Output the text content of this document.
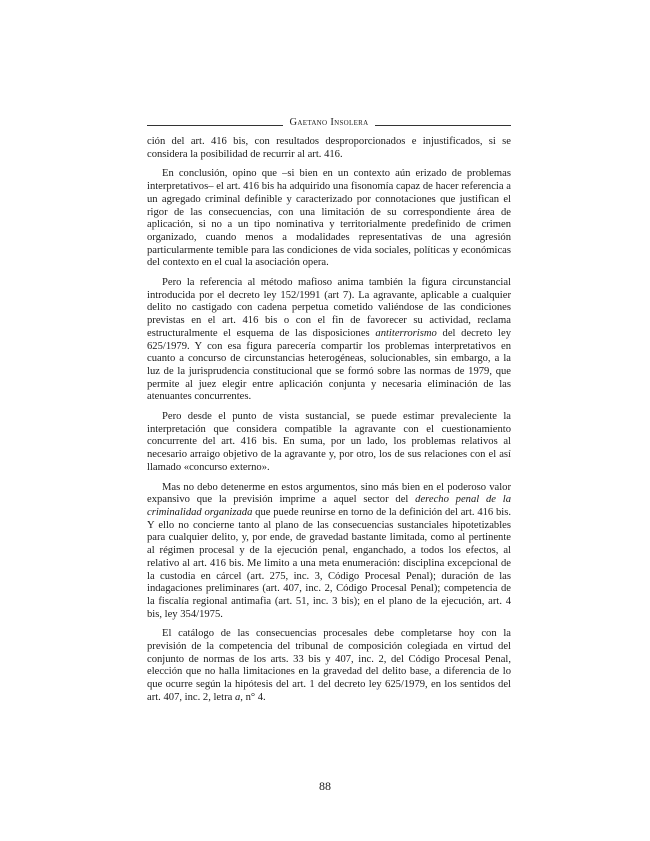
Gaetano Insolera

ción del art. 416 bis, con resultados desproporcionados e injustificados, si se considera la posibilidad de recurrir al art. 416.

En conclusión, opino que –si bien en un contexto aún erizado de problemas interpretativos– el art. 416 bis ha adquirido una fisonomía capaz de hacer referencia a un agregado criminal definible y caracterizado por connotaciones que justifican el rigor de las consecuencias, con una limitación de su correspondiente área de aplicación, si no a un tipo nominativa y territorialmente predefinido de crimen organizado, cuando menos a modalidades representativas de una agresión particularmente temible para las condiciones de vida sociales, políticas y económicas del contexto en el cual la asociación opera.

Pero la referencia al método mafioso anima también la figura circunstancial introducida por el decreto ley 152/1991 (art 7). La agravante, aplicable a cualquier delito no castigado con cadena perpetua cometido valiéndose de las condiciones previstas en el art. 416 bis o con el fin de favorecer su actividad, reclama estructuralmente el esquema de las disposiciones antiterrorismo del decreto ley 625/1979. Y con esa figura parecería compartir los problemas interpretativos en cuanto a concurso de circunstancias heterogéneas, solucionables, sin embargo, a la luz de la jurisprudencia constitucional que se formó sobre las normas de 1979, que permite al juez elegir entre aplicación conjunta y necesaria eliminación de las atenuantes concurrentes.

Pero desde el punto de vista sustancial, se puede estimar prevaleciente la interpretación que considera compatible la agravante con el cuestionamiento concurrente del art. 416 bis. En suma, por un lado, los problemas relativos al necesario arraigo objetivo de la agravante y, por otro, los de sus relaciones con el así llamado «concurso externo».

Mas no debo detenerme en estos argumentos, sino más bien en el poderoso valor expansivo que la previsión imprime a aquel sector del derecho penal de la criminalidad organizada que puede reunirse en torno de la definición del art. 416 bis. Y ello no concierne tanto al plano de las consecuencias sustanciales hipotetizables para cualquier delito, y, por ende, de gravedad bastante limitada, como al pertinente al régimen procesal y de la ejecución penal, enganchado, a todos los efectos, al relativo al art. 416 bis. Me limito a una meta enumeración: disciplina excepcional de la custodia en cárcel (art. 275, inc. 3, Código Procesal Penal); duración de las indagaciones preliminares (art. 407, inc. 2, Código Procesal Penal); competencia de la fiscalía regional antimafia (art. 51, inc. 3 bis); en el plano de la ejecución, art. 4 bis, ley 354/1975.

El catálogo de las consecuencias procesales debe completarse hoy con la previsión de la competencia del tribunal de composición colegiada en virtud del conjunto de normas de los arts. 33 bis y 407, inc. 2, del Código Procesal Penal, elección que no halla limitaciones en la gravedad del delito base, a diferencia de lo que ocurre según la hipótesis del art. 1 del decreto ley 625/1979, en los sentidos del art. 407, inc. 2, letra a, n° 4.

88
